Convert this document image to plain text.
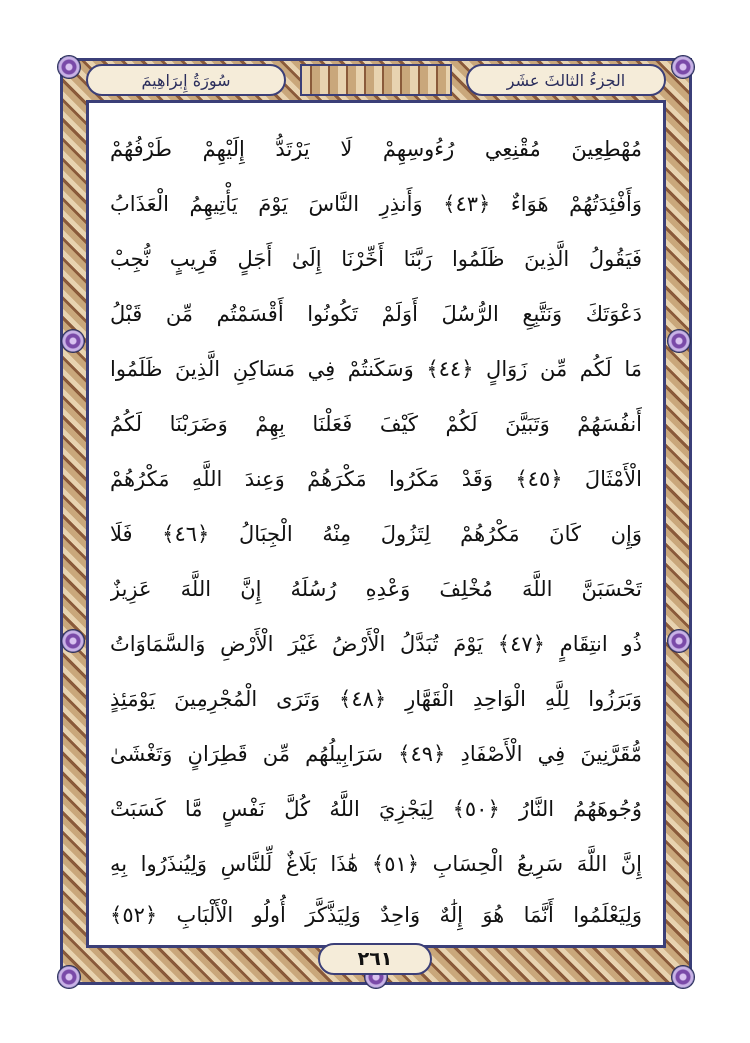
الجزءُ الثالثَ عشَر
سُورَةُ إِبرَاهِيمَ
مُهْطِعِينَ مُقْنِعِي رُءُوسِهِمْ لَا يَرْتَدُّ إِلَيْهِمْ طَرْفُهُمْ
وَأَفْئِدَتُهُمْ هَوَاءٌ ﴿٤٣﴾ وَأَنذِرِ النَّاسَ يَوْمَ يَأْتِيهِمُ الْعَذَابُ
فَيَقُولُ الَّذِينَ ظَلَمُوا رَبَّنَا أَخِّرْنَا إِلَىٰ أَجَلٍ قَرِيبٍ نُّجِبْ
دَعْوَتَكَ وَنَتَّبِعِ الرُّسُلَ أَوَلَمْ تَكُونُوا أَقْسَمْتُم مِّن قَبْلُ
مَا لَكُم مِّن زَوَالٍ ﴿٤٤﴾ وَسَكَنتُمْ فِي مَسَاكِنِ الَّذِينَ ظَلَمُوا
أَنفُسَهُمْ وَتَبَيَّنَ لَكُمْ كَيْفَ فَعَلْنَا بِهِمْ وَضَرَبْنَا لَكُمُ
الْأَمْثَالَ ﴿٤٥﴾ وَقَدْ مَكَرُوا مَكْرَهُمْ وَعِندَ اللَّهِ مَكْرُهُمْ
وَإِن كَانَ مَكْرُهُمْ لِتَزُولَ مِنْهُ الْجِبَالُ ﴿٤٦﴾ فَلَا
تَحْسَبَنَّ اللَّهَ مُخْلِفَ وَعْدِهِ رُسُلَهُ إِنَّ اللَّهَ عَزِيزٌ
ذُو انتِقَامٍ ﴿٤٧﴾ يَوْمَ تُبَدَّلُ الْأَرْضُ غَيْرَ الْأَرْضِ وَالسَّمَاوَاتُ
وَبَرَزُوا لِلَّهِ الْوَاحِدِ الْقَهَّارِ ﴿٤٨﴾ وَتَرَى الْمُجْرِمِينَ يَوْمَئِذٍ
مُّقَرَّنِينَ فِي الْأَصْفَادِ ﴿٤٩﴾ سَرَابِيلُهُم مِّن قَطِرَانٍ وَتَغْشَىٰ
وُجُوهَهُمُ النَّارُ ﴿٥٠﴾ لِيَجْزِيَ اللَّهُ كُلَّ نَفْسٍ مَّا كَسَبَتْ
إِنَّ اللَّهَ سَرِيعُ الْحِسَابِ ﴿٥١﴾ هَٰذَا بَلَاغٌ لِّلنَّاسِ وَلِيُنذَرُوا بِهِ
وَلِيَعْلَمُوا أَنَّمَا هُوَ إِلَٰهٌ وَاحِدٌ وَلِيَذَّكَّرَ أُولُو الْأَلْبَابِ ﴿٥٢﴾
٢٦١
